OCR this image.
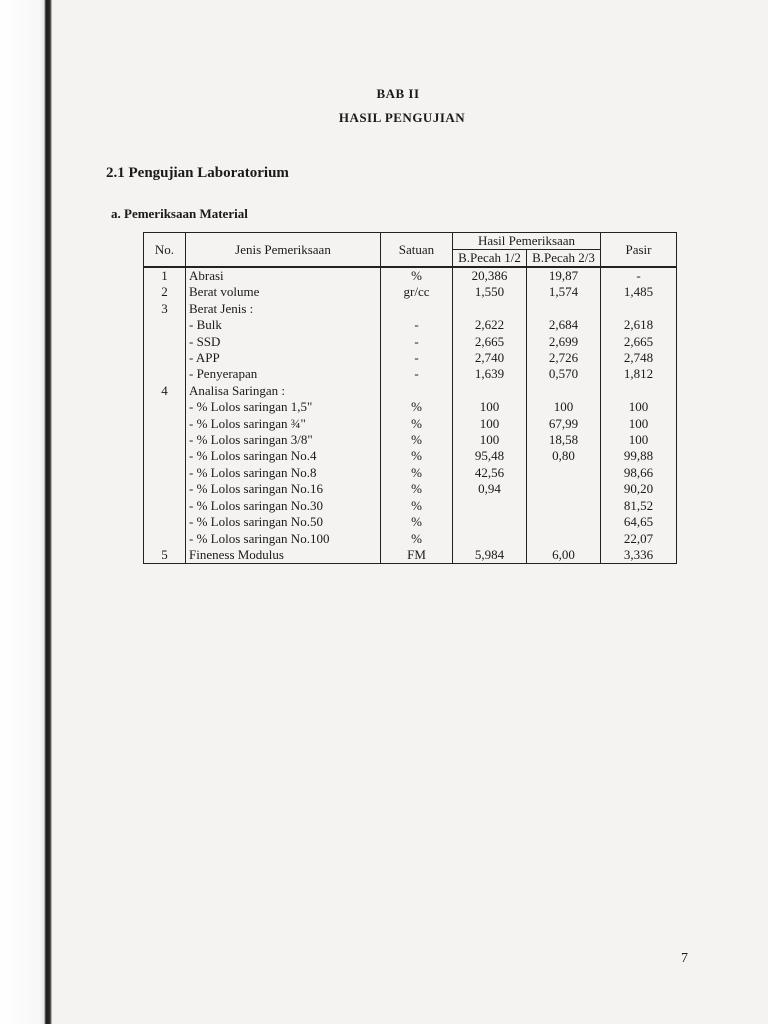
BAB II
HASIL PENGUJIAN
2.1 Pengujian Laboratorium
a. Pemeriksaan Material
No.	Jenis Pemeriksaan	Satuan	Hasil Pemeriksaan		Pasir
			B.Pecah 1/2	B.Pecah 2/3	
1	Abrasi	%	20,386	19,87	-
2	Berat volume	gr/cc	1,550	1,574	1,485
3	Berat Jenis :				
	- Bulk	-	2,622	2,684	2,618
	- SSD	-	2,665	2,699	2,665
	- APP	-	2,740	2,726	2,748
	- Penyerapan	-	1,639	0,570	1,812
4	Analisa Saringan :				
	- % Lolos saringan 1,5"	%	100	100	100
	- % Lolos saringan ¾"	%	100	67,99	100
	- % Lolos saringan 3/8"	%	100	18,58	100
	- % Lolos saringan No.4	%	95,48	0,80	99,88
	- % Lolos saringan No.8	%	42,56		98,66
	- % Lolos saringan No.16	%	0,94		90,20
	- % Lolos saringan No.30	%			81,52
	- % Lolos saringan No.50	%			64,65
	- % Lolos saringan No.100	%			22,07
5	Fineness Modulus	FM	5,984	6,00	3,336
7
